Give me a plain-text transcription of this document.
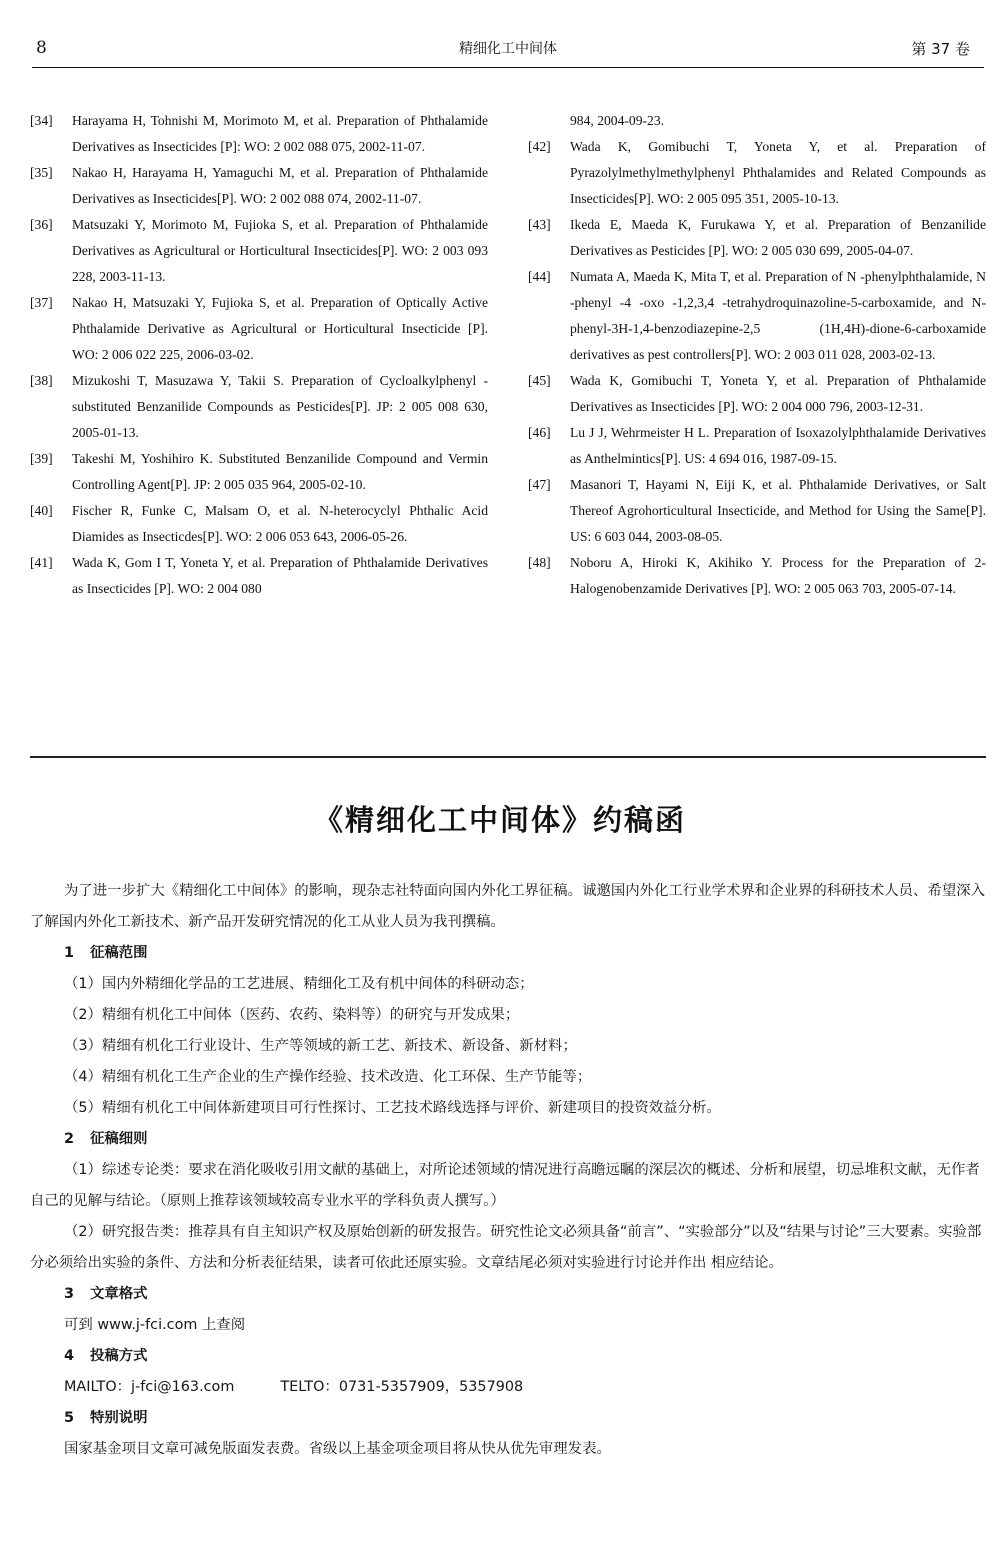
8	精细化工中间体	第 37 卷
[34] Harayama H, Tohnishi M, Morimoto M, et al. Preparation of Phthalamide Derivatives as Insecticides [P]: WO: 2 002 088 075, 2002-11-07.
[35] Nakao H, Harayama H, Yamaguchi M, et al. Preparation of Phthalamide Derivatives as Insecticides[P]. WO: 2 002 088 074, 2002-11-07.
[36] Matsuzaki Y, Morimoto M, Fujioka S, et al. Preparation of Phthalamide Derivatives as Agricultural or Horticultural Insecticides[P]. WO: 2 003 093 228, 2003-11-13.
[37] Nakao H, Matsuzaki Y, Fujioka S, et al. Preparation of Optically Active Phthalamide Derivative as Agricultural or Horticultural Insecticide [P]. WO: 2 006 022 225, 2006-03-02.
[38] Mizukoshi T, Masuzawa Y, Takii S. Preparation of Cycloalkylphenyl -substituted Benzanilide Compounds as Pesticides[P]. JP: 2 005 008 630, 2005-01-13.
[39] Takeshi M, Yoshihiro K. Substituted Benzanilide Compound and Vermin Controlling Agent[P]. JP: 2 005 035 964, 2005-02-10.
[40] Fischer R, Funke C, Malsam O, et al. N-heterocyclyl Phthalic Acid Diamides as Insecticdes[P]. WO: 2 006 053 643, 2006-05-26.
[41] Wada K, Gom I T, Yoneta Y, et al. Preparation of Phthalamide Derivatives as Insecticides [P]. WO: 2 004 080
984, 2004-09-23.
[42] Wada K, Gomibuchi T, Yoneta Y, et al. Preparation of Pyrazolylmethylmethylphenyl Phthalamides and Related Compounds as Insecticides[P]. WO: 2 005 095 351, 2005-10-13.
[43] Ikeda E, Maeda K, Furukawa Y, et al. Preparation of Benzanilide Derivatives as Pesticides [P]. WO: 2 005 030 699, 2005-04-07.
[44] Numata A, Maeda K, Mita T, et al. Preparation of N -phenylphthalamide, N -phenyl -4 -oxo -1,2,3,4 -tetrahydroquinazoline-5-carboxamide, and N-phenyl-3H-1,4-benzodiazepine-2,5 (1H,4H)-dione-6-carboxamide derivatives as pest controllers[P]. WO: 2 003 011 028, 2003-02-13.
[45] Wada K, Gomibuchi T, Yoneta Y, et al. Preparation of Phthalamide Derivatives as Insecticides [P]. WO: 2 004 000 796, 2003-12-31.
[46] Lu J J, Wehrmeister H L. Preparation of Isoxazolylphthalamide Derivatives as Anthelmintics[P]. US: 4 694 016, 1987-09-15.
[47] Masanori T, Hayami N, Eiji K, et al. Phthalamide Derivatives, or Salt Thereof Agrohorticultural Insecticide, and Method for Using the Same[P]. US: 6 603 044, 2003-08-05.
[48] Noboru A, Hiroki K, Akihiko Y. Process for the Preparation of 2-Halogenobenzamide Derivatives [P]. WO: 2 005 063 703, 2005-07-14.
《精细化工中间体》约稿函

为了进一步扩大《精细化工中间体》的影响，现杂志社特面向国内外化工界征稿。诚邀国内外化工行业学术界和企业界的科研技术人员、希望深入了解国内外化工新技术、新产品开发研究情况的化工从业人员为我刊撰稿。

1 征稿范围

（1）国内外精细化学品的工艺进展、精细化工及有机中间体的科研动态；

（2）精细有机化工中间体（医药、农药、染料等）的研究与开发成果；

（3）精细有机化工行业设计、生产等领域的新工艺、新技术、新设备、新材料；

（4）精细有机化工生产企业的生产操作经验、技术改造、化工环保、生产节能等；

（5）精细有机化工中间体新建项目可行性探讨、工艺技术路线选择与评价、新建项目的投资效益分析。

2 征稿细则

（1）综述专论类：要求在消化吸收引用文献的基础上，对所论述领域的情况进行高瞻远瞩的深层次的概述、分析和展望，切忌堆积文献，无作者自己的见解与结论。（原则上推荐该领域较高专业水平的学科负责人撰写。）

（2）研究报告类：推荐具有自主知识产权及原始创新的研发报告。研究性论文必须具备“前言”、“实验部分”以及“结果与讨论”三大要素。实验部分必须给出实验的条件、方法和分析表征结果，读者可依此还原实验。文章结尾必须对实验进行讨论并作出 相应结论。

3 文章格式

可到 www.j-fci.com 上查阅

4 投稿方式

MAILTO：j-fci@163.com	TELTO：0731-5357909，5357908

5 特别说明

国家基金项目文章可减免版面发表费。省级以上基金项金项目将从快从优先审理发表。
